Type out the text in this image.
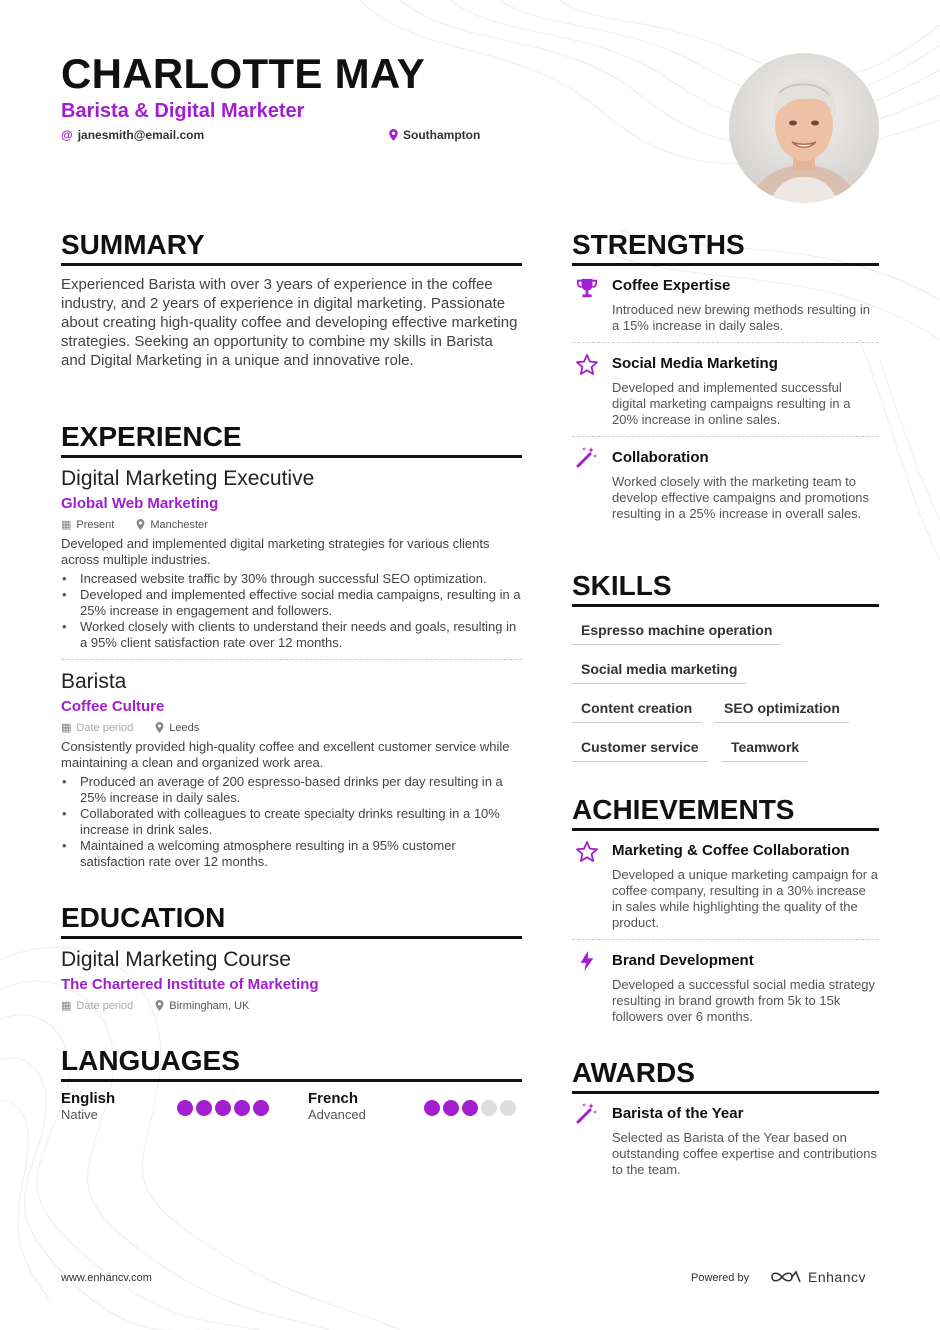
CHARLOTTE MAY
Barista & Digital Marketer
@ janesmith@email.com	Southampton
SUMMARY
Experienced Barista with over 3 years of experience in the coffee industry, and 2 years of experience in digital marketing. Passionate about creating high-quality coffee and developing effective marketing strategies. Seeking an opportunity to combine my skills in Barista and Digital Marketing in a unique and innovative role.
EXPERIENCE
Digital Marketing Executive
Global Web Marketing
▦ Present	Manchester
Developed and implemented digital marketing strategies for various clients across multiple industries.
• Increased website traffic by 30% through successful SEO optimization.
• Developed and implemented effective social media campaigns, resulting in a 25% increase in engagement and followers.
• Worked closely with clients to understand their needs and goals, resulting in a 95% client satisfaction rate over 12 months.
Barista
Coffee Culture
▦ Date period	Leeds
Consistently provided high-quality coffee and excellent customer service while maintaining a clean and organized work area.
• Produced an average of 200 espresso-based drinks per day resulting in a 25% increase in daily sales.
• Collaborated with colleagues to create specialty drinks resulting in a 10% increase in drink sales.
• Maintained a welcoming atmosphere resulting in a 95% customer satisfaction rate over 12 months.
EDUCATION
Digital Marketing Course
The Chartered Institute of Marketing
▦ Date period	Birmingham, UK
LANGUAGES
English
Native
French
Advanced
STRENGTHS
Coffee Expertise
Introduced new brewing methods resulting in a 15% increase in daily sales.
Social Media Marketing
Developed and implemented successful digital marketing campaigns resulting in a 20% increase in online sales.
Collaboration
Worked closely with the marketing team to develop effective campaigns and promotions resulting in a 25% increase in overall sales.
SKILLS
Espresso machine operation
Social media marketing
Content creation	SEO optimization
Customer service	Teamwork
ACHIEVEMENTS
Marketing & Coffee Collaboration
Developed a unique marketing campaign for a coffee company, resulting in a 30% increase in sales while highlighting the quality of the product.
Brand Development
Developed a successful social media strategy resulting in brand growth from 5k to 15k followers over 6 months.
AWARDS
Barista of the Year
Selected as Barista of the Year based on outstanding coffee expertise and contributions to the team.
www.enhancv.com	Powered by	Enhancv
